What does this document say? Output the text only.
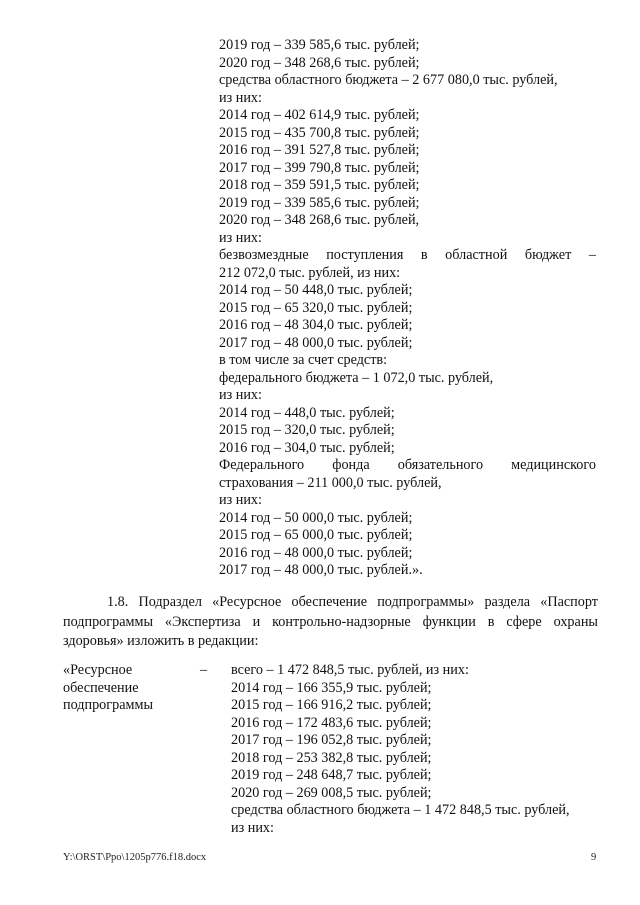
2019 год – 339 585,6 тыс. рублей;
2020 год – 348 268,6 тыс. рублей;
средства областного бюджета – 2 677 080,0 тыс. рублей,
из них:
2014 год – 402 614,9 тыс. рублей;
2015 год – 435 700,8 тыс. рублей;
2016 год – 391 527,8 тыс. рублей;
2017 год – 399 790,8 тыс. рублей;
2018 год – 359 591,5 тыс. рублей;
2019 год – 339 585,6 тыс. рублей;
2020 год – 348 268,6 тыс. рублей,
из них:
безвозмездные поступления в областной бюджет –
212 072,0 тыс. рублей, из них:
2014 год – 50 448,0 тыс. рублей;
2015 год – 65 320,0 тыс. рублей;
2016 год – 48 304,0 тыс. рублей;
2017 год – 48 000,0 тыс. рублей;
в том числе за счет средств:
федерального бюджета – 1 072,0 тыс. рублей,
из них:
2014 год – 448,0 тыс. рублей;
2015 год – 320,0 тыс. рублей;
2016 год – 304,0 тыс. рублей;
Федерального фонда обязательного медицинского
страхования – 211 000,0 тыс. рублей,
из них:
2014 год – 50 000,0 тыс. рублей;
2015 год – 65 000,0 тыс. рублей;
2016 год – 48 000,0 тыс. рублей;
2017 год – 48 000,0 тыс. рублей.».
1.8. Подраздел «Ресурсное обеспечение подпрограммы» раздела «Паспорт
подпрограммы «Экспертиза и контрольно-надзорные функции в сфере охраны
здоровья» изложить в редакции:
«Ресурсное
обеспечение
подпрограммы
– всего – 1 472 848,5 тыс. рублей, из них:
2014 год – 166 355,9 тыс. рублей;
2015 год – 166 916,2 тыс. рублей;
2016 год – 172 483,6 тыс. рублей;
2017 год – 196 052,8 тыс. рублей;
2018 год – 253 382,8 тыс. рублей;
2019 год – 248 648,7 тыс. рублей;
2020 год – 269 008,5 тыс. рублей;
средства областного бюджета – 1 472 848,5 тыс. рублей,
из них:
Y:\ORST\Ppo\1205p776.f18.docx	9
